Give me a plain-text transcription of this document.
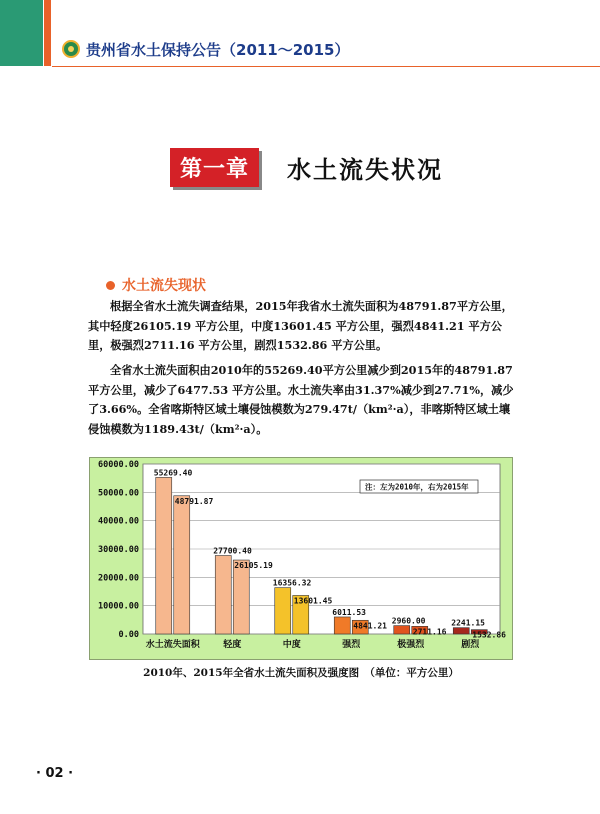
贵州省水土保持公告（2011～2015）
第一章	水土流失状况
水土流失现状

根据全省水土流失调查结果，2015年我省水土流失面积为48791.87平方公里，其中轻度26105.19 平方公里，中度13601.45 平方公里，强烈4841.21 平方公里，极强烈2711.16 平方公里，剧烈1532.86 平方公里。

全省水土流失面积由2010年的55269.40平方公里减少到2015年的48791.87 平方公里，减少了6477.53 平方公里。水土流失率由31.37%减少到27.71%，减少了3.66%。全省喀斯特区域土壤侵蚀模数为279.47t/（km²·a），非喀斯特区域土壤侵蚀模数为1189.43t/（km²·a）。

0.00
10000.00
20000.00
30000.00
40000.00
50000.00
60000.00
55269.40
48791.87
水土流失面积
27700.40
26105.19
轻度
16356.32
13601.45
中度
6011.53
4841.21
强烈
2960.00
2711.16
极强烈
2241.15
1532.86
剧烈
注：左为2010年，右为2015年
2010年、2015年全省水土流失面积及强度图　（单位：平方公里）
· 02 ·
